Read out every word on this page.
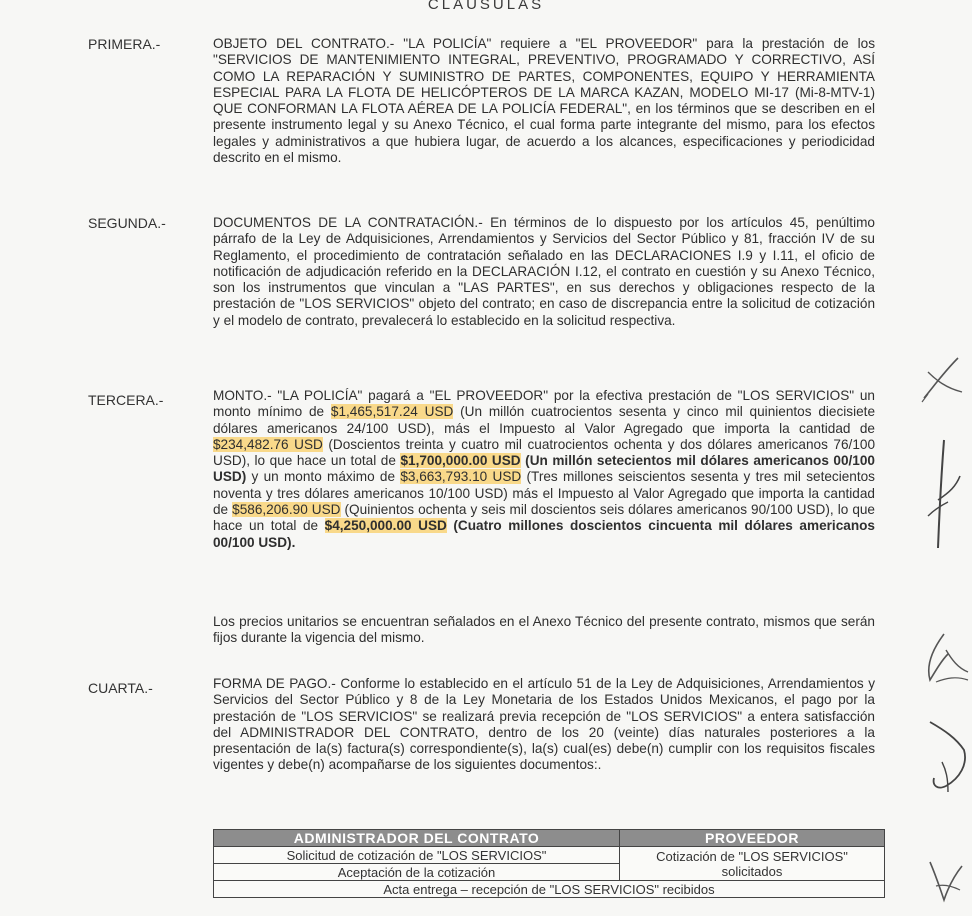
CLAUSULAS
PRIMERA.-	OBJETO DEL CONTRATO.- "LA POLICÍA" requiere a "EL PROVEEDOR" para la prestación de los "SERVICIOS DE MANTENIMIENTO INTEGRAL, PREVENTIVO, PROGRAMADO Y CORRECTIVO, ASÍ COMO LA REPARACIÓN Y SUMINISTRO DE PARTES, COMPONENTES, EQUIPO Y HERRAMIENTA ESPECIAL PARA LA FLOTA DE HELICÓPTEROS DE LA MARCA KAZAN, MODELO MI-17 (Mi-8-MTV-1) QUE CONFORMAN LA FLOTA AÉREA DE LA POLICÍA FEDERAL", en los términos que se describen en el presente instrumento legal y su Anexo Técnico, el cual forma parte integrante del mismo, para los efectos legales y administrativos a que hubiera lugar, de acuerdo a los alcances, especificaciones y periodicidad descrito en el mismo.
SEGUNDA.-	DOCUMENTOS DE LA CONTRATACIÓN.- En términos de lo dispuesto por los artículos 45, penúltimo párrafo de la Ley de Adquisiciones, Arrendamientos y Servicios del Sector Público y 81, fracción IV de su Reglamento, el procedimiento de contratación señalado en las DECLARACIONES I.9 y I.11, el oficio de notificación de adjudicación referido en la DECLARACIÓN I.12, el contrato en cuestión y su Anexo Técnico, son los instrumentos que vinculan a "LAS PARTES", en sus derechos y obligaciones respecto de la prestación de "LOS SERVICIOS" objeto del contrato; en caso de discrepancia entre la solicitud de cotización y el modelo de contrato, prevalecerá lo establecido en la solicitud respectiva.
TERCERA.-	MONTO.- "LA POLICÍA" pagará a "EL PROVEEDOR" por la efectiva prestación de "LOS SERVICIOS" un monto mínimo de $1,465,517.24 USD (Un millón cuatrocientos sesenta y cinco mil quinientos diecisiete dólares americanos 24/100 USD), más el Impuesto al Valor Agregado que importa la cantidad de $234,482.76 USD (Doscientos treinta y cuatro mil cuatrocientos ochenta y dos dólares americanos 76/100 USD), lo que hace un total de $1,700,000.00 USD (Un millón setecientos mil dólares americanos 00/100 USD) y un monto máximo de $3,663,793.10 USD (Tres millones seiscientos sesenta y tres mil setecientos noventa y tres dólares americanos 10/100 USD) más el Impuesto al Valor Agregado que importa la cantidad de $586,206.90 USD (Quinientos ochenta y seis mil doscientos seis dólares americanos 90/100 USD), lo que hace un total de $4,250,000.00 USD (Cuatro millones doscientos cincuenta mil dólares americanos 00/100 USD).
Los precios unitarios se encuentran señalados en el Anexo Técnico del presente contrato, mismos que serán fijos durante la vigencia del mismo.
CUARTA.-	FORMA DE PAGO.- Conforme lo establecido en el artículo 51 de la Ley de Adquisiciones, Arrendamientos y Servicios del Sector Público y 8 de la Ley Monetaria de los Estados Unidos Mexicanos, el pago por la prestación de "LOS SERVICIOS" se realizará previa recepción de "LOS SERVICIOS" a entera satisfacción del ADMINISTRADOR DEL CONTRATO, dentro de los 20 (veinte) días naturales posteriores a la presentación de la(s) factura(s) correspondiente(s), la(s) cual(es) debe(n) cumplir con los requisitos fiscales vigentes y debe(n) acompañarse de los siguientes documentos:.
ADMINISTRADOR DEL CONTRATO	PROVEEDOR
Solicitud de cotización de "LOS SERVICIOS"	Cotización de "LOS SERVICIOS" solicitados
Aceptación de la cotización	
Acta entrega – recepción de "LOS SERVICIOS" recibidos	
